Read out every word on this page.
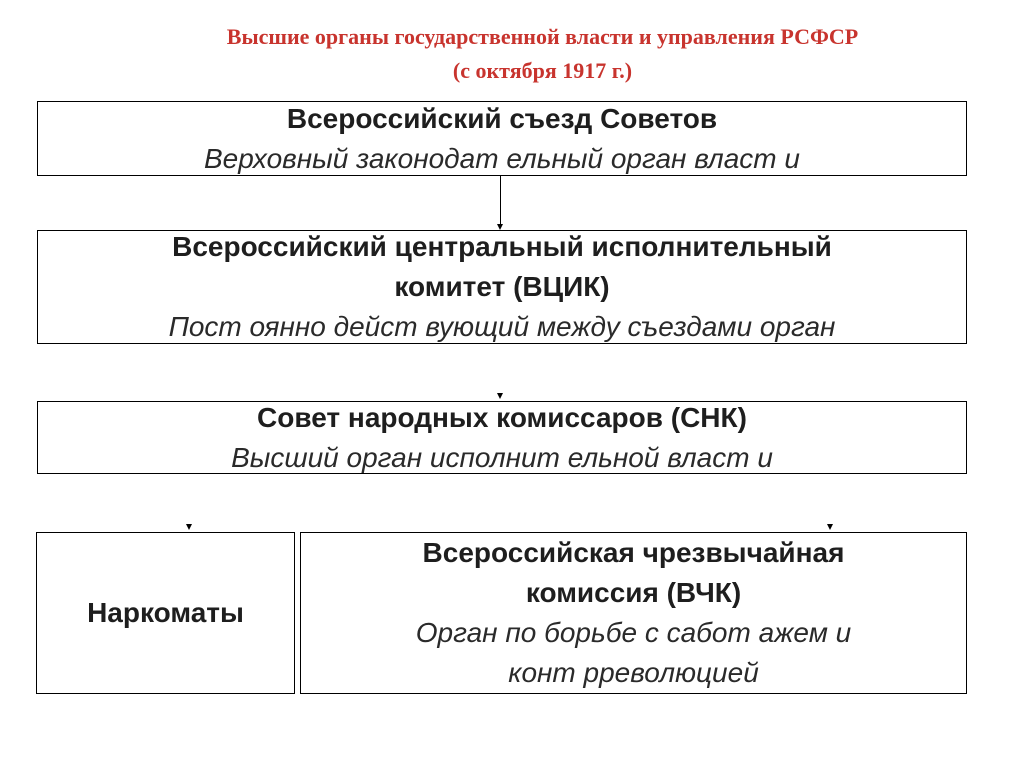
Высшие органы государственной власти и управления РСФСР
(с октября 1917 г.)
Всероссийский съезд Советов
Верховный законодат ельный орган власт и
Всероссийский центральный исполнительный
комитет (ВЦИК)
Пост оянно дейст вующий между съездами орган
Совет народных комиссаров (СНК)
Высший орган исполнит ельной власт и
Наркоматы
Всероссийская чрезвычайная
комиссия (ВЧК)
Орган по борьбе с сабот ажем и
конт рреволюцией
